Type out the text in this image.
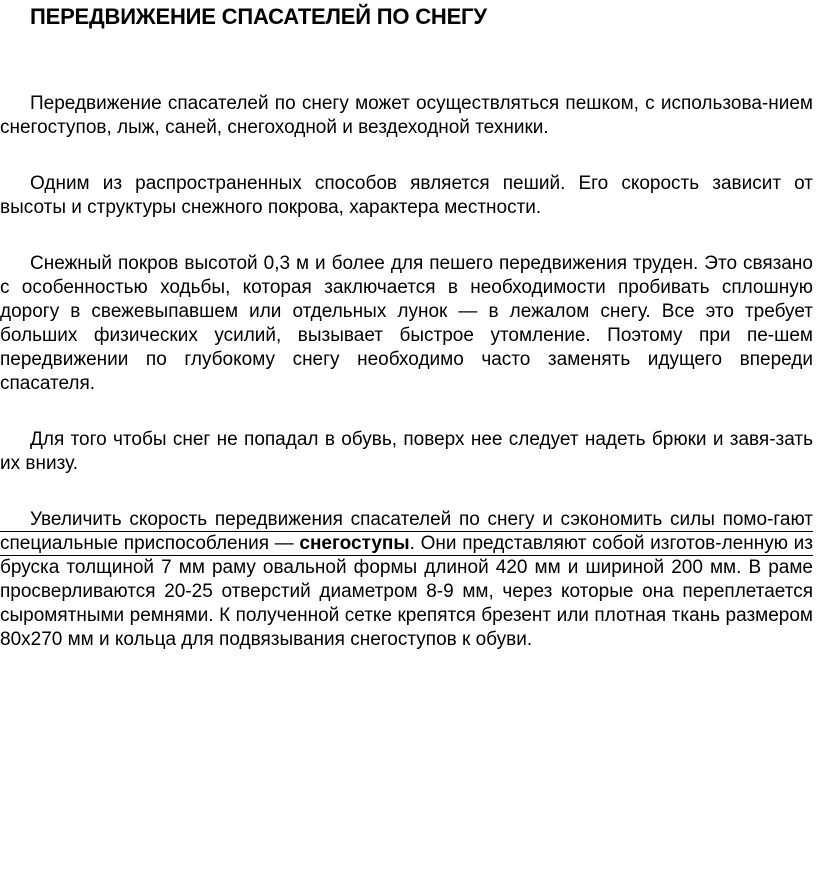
ПЕРЕДВИЖЕНИЕ СПАСАТЕЛЕЙ ПО СНЕГУ

Передвижение спасателей по снегу может осуществляться пешком, с использова-нием снегоступов, лыж, саней, снегоходной и вездеходной техники.

Одним из распространенных способов является пеший. Его скорость зависит от высоты и структуры снежного покрова, характера местности.

Снежный покров высотой 0,3 м и более для пешего передвижения труден. Это связано с особенностью ходьбы, которая заключается в необходимости пробивать сплошную дорогу в свежевыпавшем или отдельных лунок — в лежалом снегу. Все это требует больших физических усилий, вызывает быстрое утомление. Поэтому при пе-шем передвижении по глубокому снегу необходимо часто заменять идущего впереди спасателя.

Для того чтобы снег не попадал в обувь, поверх нее следует надеть брюки и завя-зать их внизу.

Увеличить скорость передвижения спасателей по снегу и сэкономить силы помо-гают специальные приспособления — снегоступы. Они представляют собой изготов-ленную из бруска толщиной 7 мм раму овальной формы длиной 420 мм и шириной 200 мм. В раме просверливаются 20-25 отверстий диаметром 8-9 мм, через которые она переплетается сыромятными ремнями. К полученной сетке крепятся брезент или плотная ткань размером 80х270 мм и кольца для подвязывания снегоступов к обуви.
